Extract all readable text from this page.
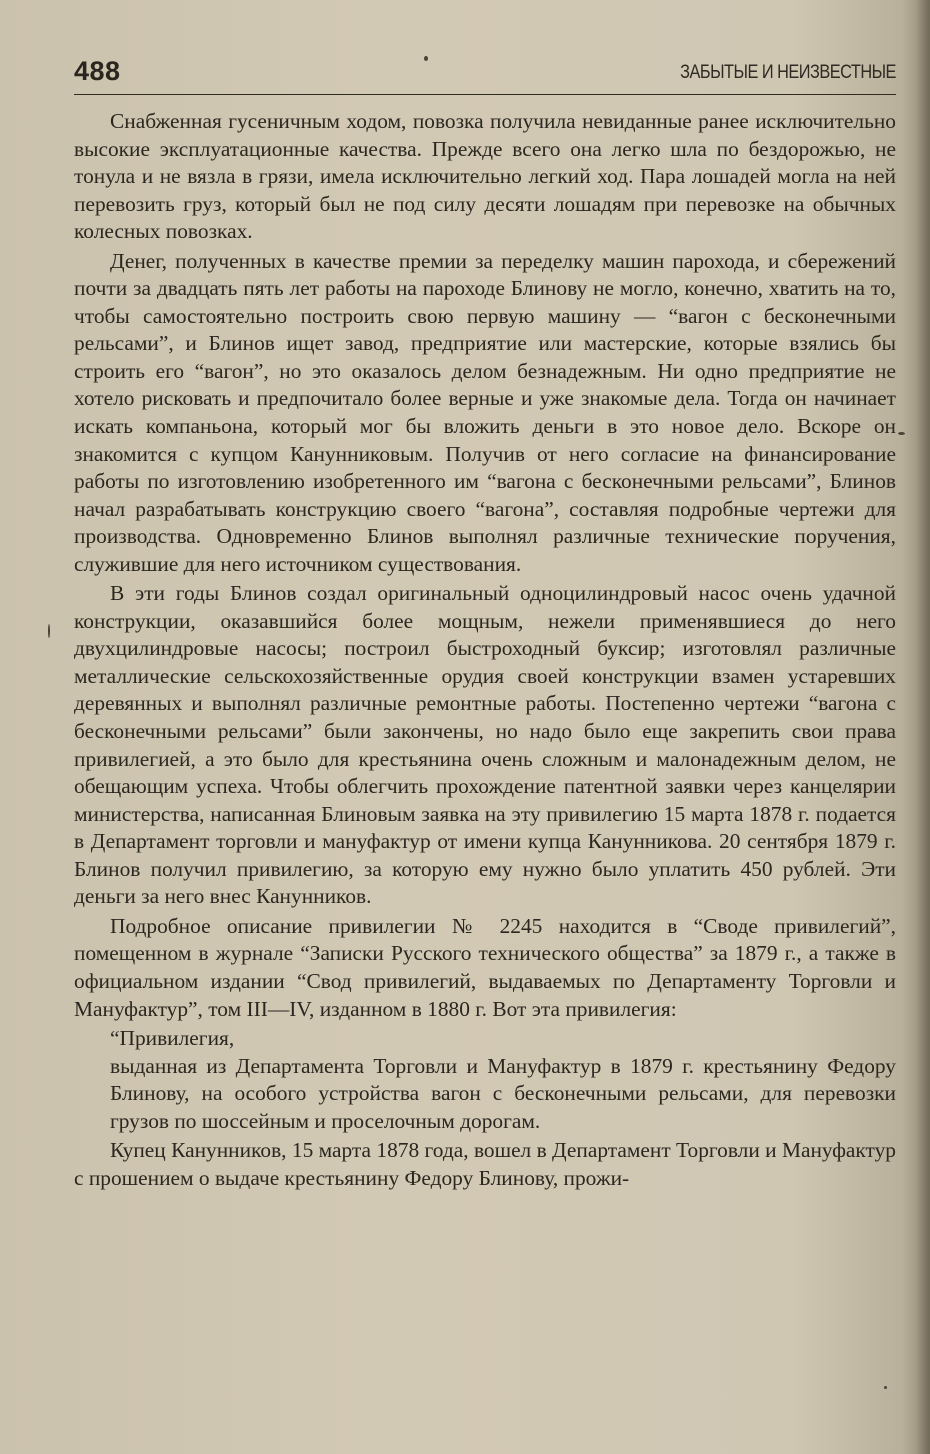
488	ЗАБЫТЫЕ И НЕИЗВЕСТНЫЕ

Снабженная гусеничным ходом, повозка получила невиданные ранее исключительно высокие эксплуатационные качества. Прежде всего она легко шла по бездорожью, не тонула и не вязла в грязи, имела исключительно легкий ход. Пара лошадей могла на ней перевозить груз, который был не под силу десяти лошадям при перевозке на обычных колесных повозках.

Денег, полученных в качестве премии за переделку машин парохода, и сбережений почти за двадцать пять лет работы на пароходе Блинову не могло, конечно, хватить на то, чтобы самостоятельно построить свою первую машину — “вагон с бесконечными рельсами”, и Блинов ищет завод, предприятие или мастерские, которые взялись бы строить его “вагон”, но это оказалось делом безнадежным. Ни одно предприятие не хотело рисковать и предпочитало более верные и уже знакомые дела. Тогда он начинает искать компаньона, который мог бы вложить деньги в это новое дело. Вскоре он знакомится с купцом Канунниковым. Получив от него согласие на финансирование работы по изготовлению изобретенного им “вагона с бесконечными рельсами”, Блинов начал разрабатывать конструкцию своего “вагона”, составляя подробные чертежи для производства. Одновременно Блинов выполнял различные технические поручения, служившие для него источником существования.

В эти годы Блинов создал оригинальный одноцилиндровый насос очень удачной конструкции, оказавшийся более мощным, нежели применявшиеся до него двухцилиндровые насосы; построил быстроходный буксир; изготовлял различные металлические сельскохозяйственные орудия своей конструкции взамен устаревших деревянных и выполнял различные ремонтные работы. Постепенно чертежи “вагона с бесконечными рельсами” были закончены, но надо было еще закрепить свои права привилегией, а это было для крестьянина очень сложным и малонадежным делом, не обещающим успеха. Чтобы облегчить прохождение патентной заявки через канцелярии министерства, написанная Блиновым заявка на эту привилегию 15 марта 1878 г. подается в Департамент торговли и мануфактур от имени купца Канунникова. 20 сентября 1879 г. Блинов получил привилегию, за которую ему нужно было уплатить 450 рублей. Эти деньги за него внес Канунников.

Подробное описание привилегии № 2245 находится в “Своде привилегий”, помещенном в журнале “Записки Русского технического общества” за 1879 г., а также в официальном издании “Свод привилегий, выдаваемых по Департаменту Торговли и Мануфактур”, том III—IV, изданном в 1880 г. Вот эта привилегия:

“Привилегия,

выданная из Департамента Торговли и Мануфактур в 1879 г. крестьянину Федору Блинову, на особого устройства вагон с бесконечными рельсами, для перевозки грузов по шоссейным и проселочным дорогам.

Купец Канунников, 15 марта 1878 года, вошел в Департамент Торговли и Мануфактур с прошением о выдаче крестьянину Федору Блинову, прожи-
